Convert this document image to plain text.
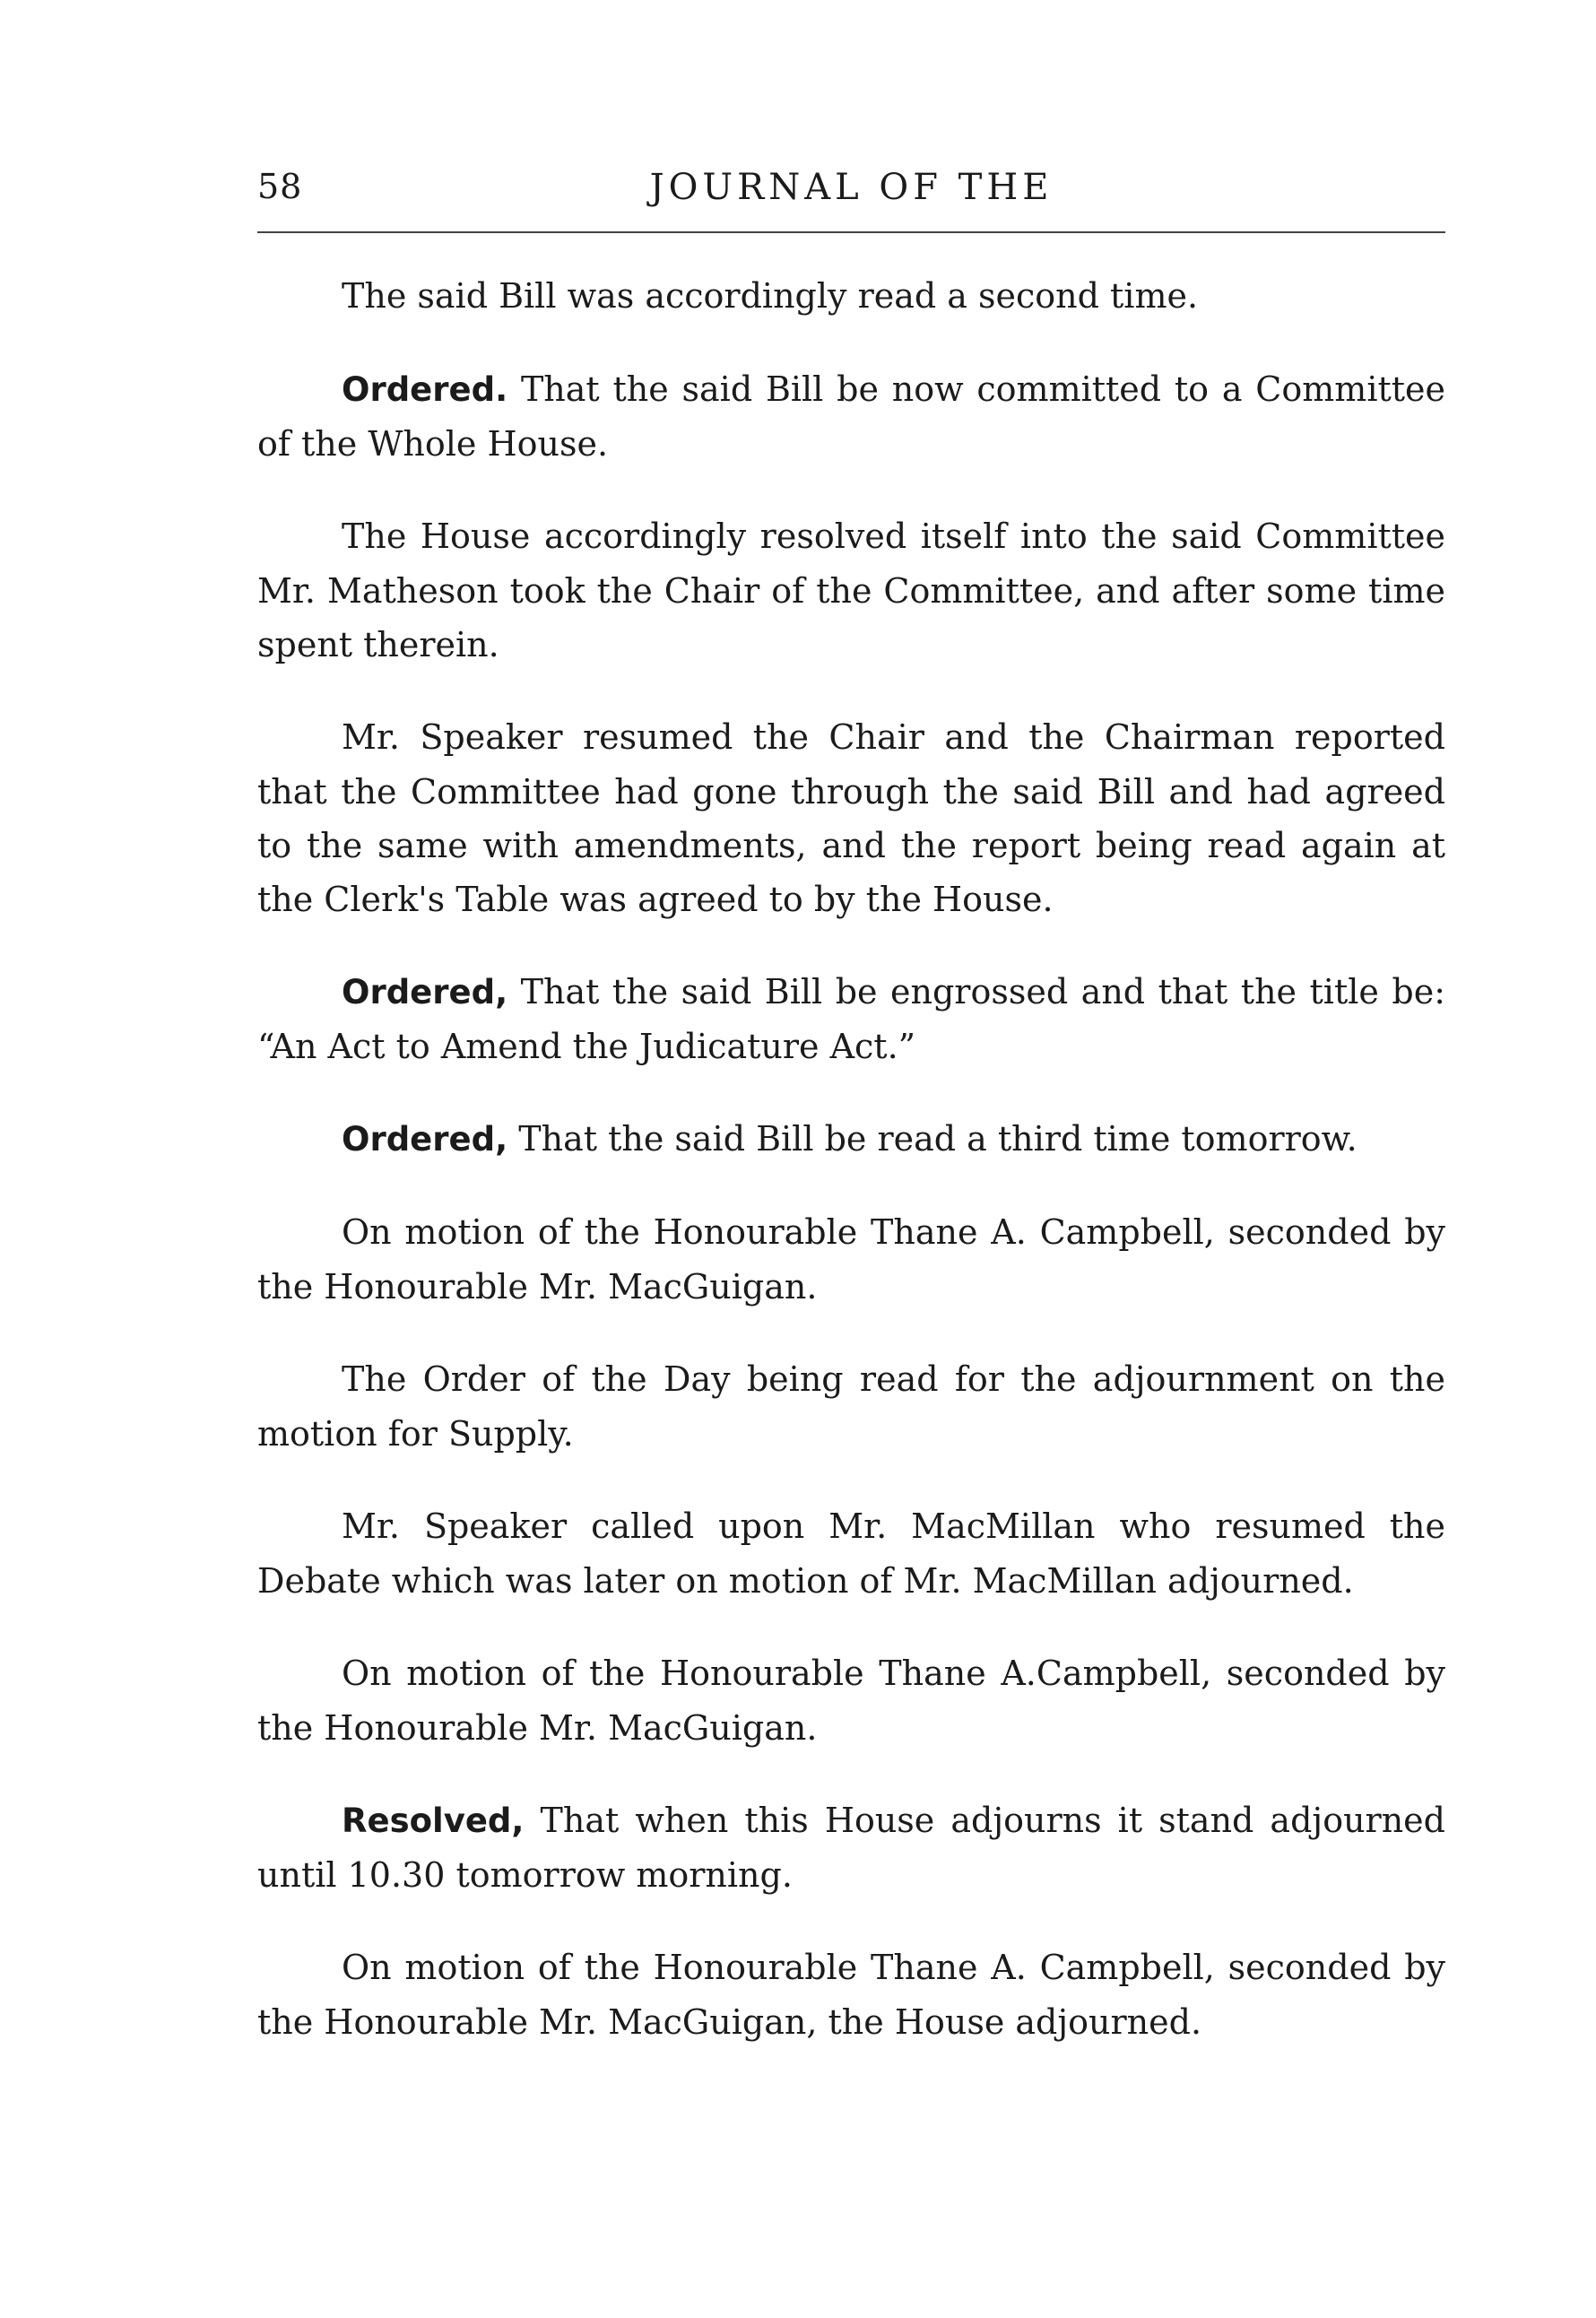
58	JOURNAL OF THE

The said Bill was accordingly read a second time.

Ordered. That the said Bill be now committed to a Committee of the Whole House.

The House accordingly resolved itself into the said Committee Mr. Matheson took the Chair of the Committee, and after some time spent therein.

Mr. Speaker resumed the Chair and the Chairman reported that the Committee had gone through the said Bill and had agreed to the same with amendments, and the report being read again at the Clerk's Table was agreed to by the House.

Ordered, That the said Bill be engrossed and that the title be: “An Act to Amend the Judicature Act.”

Ordered, That the said Bill be read a third time tomorrow.

On motion of the Honourable Thane A. Campbell, seconded by the Honourable Mr. MacGuigan.

The Order of the Day being read for the adjournment on the motion for Supply.

Mr. Speaker called upon Mr. MacMillan who resumed the Debate which was later on motion of Mr. MacMillan adjourned.

On motion of the Honourable Thane A.Campbell, seconded by the Honourable Mr. MacGuigan.

Resolved, That when this House adjourns it stand adjourned until 10.30 tomorrow morning.

On motion of the Honourable Thane A. Campbell, seconded by the Honourable Mr. MacGuigan, the House adjourned.
